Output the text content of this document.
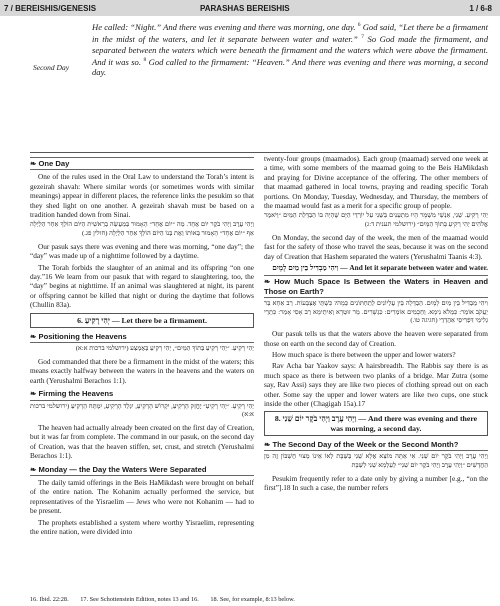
7 / BEREISHIS/GENESIS	PARASHAS BEREISHIS	1 / 6-8
Second Day
He called: “Night.” And there was evening and there was morning, one day. $^6$ God said, “Let there be a firmament in the midst of the waters, and let it separate between water and water.” $^7$ So God made the firmament, and separated between the waters which were beneath the firmament and the waters which were above the firmament. And it was so. $^8$ God called to the firmament: “Heaven.” And there was evening and there was morning, a second day.
❧ One Day

One of the rules used in the Oral Law to understand the Torah’s intent is gezeirah shavah: Where similar words (or sometimes words with similar meanings) appear in different places, the reference links the pesukim so that they shed light on one another. A gezeirah shavah must be based on a tradition handed down from Sinai.

וַיְהִי עֶרֶב וַיְהִי בֹקֶר יוֹם אֶחָד. מַה ״יוֹם אֶחָד״ הָאָמוּר בְּמַעֲשֵׂה בְרֵאשִׁית הַיּוֹם הוֹלֵךְ אַחַר הַלַּיְלָה אַף ״יוֹם אֶחָד״ הָאָמוּר בְּאוֹתוֹ וְאֶת בְּנוֹ הַיּוֹם הוֹלֵךְ אַחַר הַלַּיְלָה (חולין פג.)

Our pasuk says there was evening and there was morning, “one day”; the “day” was made up of a nighttime followed by a daytime.

The Torah forbids the slaughter of an animal and its offspring “on one day.”16 We learn from our pasuk that with regard to slaughtering, too, the “day” begins at nighttime. If an animal was slaughtered at night, its parent or offspring cannot be killed that night or during the daytime that follows (Chullin 83a).

6. יְהִי רָקִיעַ — Let there be a firmament.
❧ Positioning the Heavens
יְהִי רָקִיעַ. ״יְהִי רָקִיעַ בְּתוֹךְ הַמַּיִם״, יְהִי רָקִיעַ בְּאֶמְצַע (ירושלמי ברכות א:א)

God commanded that there be a firmament in the midst of the waters; this means exactly halfway between the waters in the heavens and the waters on earth (Yerushalmi Berachos 1:1).

❧ Firming the Heavens
יְהִי רָקִיעַ. ״יְהִי רָקִיעַ״ יֶחֱזַק הָרָקִיעַ, יִקְרוֹשׁ הָרָקִיעַ, יִגְלַד הָרָקִיעַ, יִמְתַּח הָרָקִיעַ (ירושלמי ברכות א:א)

The heaven had actually already been created on the first day of Creation, but it was far from complete. The command in our pasuk, on the second day of Creation, was that the heaven stiffen, set, crust, and stretch (Yerushalmi Berachos 1:1).

❧ Monday — the Day the Waters Were Separated

The daily tamid offerings in the Beis HaMikdash were brought on behalf of the entire nation. The Kohanim actually performed the service, but representatives of the Yisraelim — Jews who were not Kohanim — had to be present.

The prophets established a system where worthy Yisraelim, representing the entire nation, were divided into

twenty-four groups (maamados). Each group (maamad) served one week at a time, with some members of the maamad going to the Beis HaMikdash and praying for Divine acceptance of the offering. The other members of that maamad gathered in local towns, praying and reading specific Torah portions. On Monday, Tuesday, Wednesday, and Thursday, the members of the maamad would fast as a merit for a specific group of people.

יְהִי רָקִיעַ. שֵׁנִי, אַנְשֵׁי מִשְׁמָר הָיוּ מִתְעַנִּים בַּשֵּׁנִי עַל יוֹרְדֵי הַיָּם שֶׁהָיָה בּוֹ הַבְדָּלַת הַמַּיִם ״וַיֹּאמֶר אֱלֹהִים יְהִי רָקִיעַ בְּתוֹךְ הַמָּיִם״ (ירושלמי תענית ד:ג)

On Monday, the second day of the week, the men of the maamad would fast for the safety of those who travel the seas, because it was on the second day of Creation that Hashem separated the waters (Yerushalmi Taanis 4:3).

וִיהִי מַבְדִּיל בֵּין מַיִם לָמָיִם — And let it separate between water and water.
❧ How Much Space Is Between the Waters in Heaven and Those on Earth?
וִיהִי מַבְדִּיל בֵּין מַיִם לָמָיִם. הַבְדָּלָה בֵּין עֶלְיוֹנִים לְתַחְתּוֹנִים כְּמָה? כִּשְׁתֵּי אֶצְבָּעוֹת. רַב אַחָא בַּר יַעֲקֹב אוֹמֵר: כִּמְלֹא נִימָא. וְחַכָמִים אוֹמְרִים: כִּגְשָׁרִים. מָר זוּטְרָא וְאִיתֵימָא רַב אָסִי אָמַר: כִּתְרֵי גְלִימֵי דִּפְרִיסֵי אַהֲדָדֵי (חגיגה טו.)

Our pasuk tells us that the waters above the heaven were separated from those on earth on the second day of Creation.

How much space is there between the upper and lower waters?

Rav Acha bar Yaakov says: A hairsbreadth. The Rabbis say there is as much space as there is between two planks of a bridge. Mar Zutra (some say, Rav Assi) says they are like two pieces of clothing spread out on each other. Some say the upper and lower waters are like two cups, one stuck inside the other (Chagigah 15a).17

8. וַיְהִי עֶרֶב וַיְהִי בֹקֶר יוֹם שֵׁנִי — And there was evening and there was morning, a second day.
❧ The Second Day of the Week or the Second Month?
וַיְהִי עֶרֶב וַיְהִי בֹקֶר יוֹם שֵׁנִי. אִי אַתָּה מוֹצֵא אֶלָּא שֵׁנִי בַּשַּׁבָּת לְאוֹ אֵינוֹ מָצוּי חֶשְׁבּוֹן זֶה מִן הַחֳדָשִׁים ״וַיְהִי עֶרֶב וַיְהִי בֹקֶר יוֹם שֵׁנִי״ לְעַלְמָא שֵׁנִי לַשַּׁבָּת

Pesukim frequently refer to a date only by giving a number [e.g., “on the first”].18 In such a case, the number refers

16. Ibid. 22:28. 17. See Schottenstein Edition, notes 13 and 16. 18. See, for example, 8:13 below.
